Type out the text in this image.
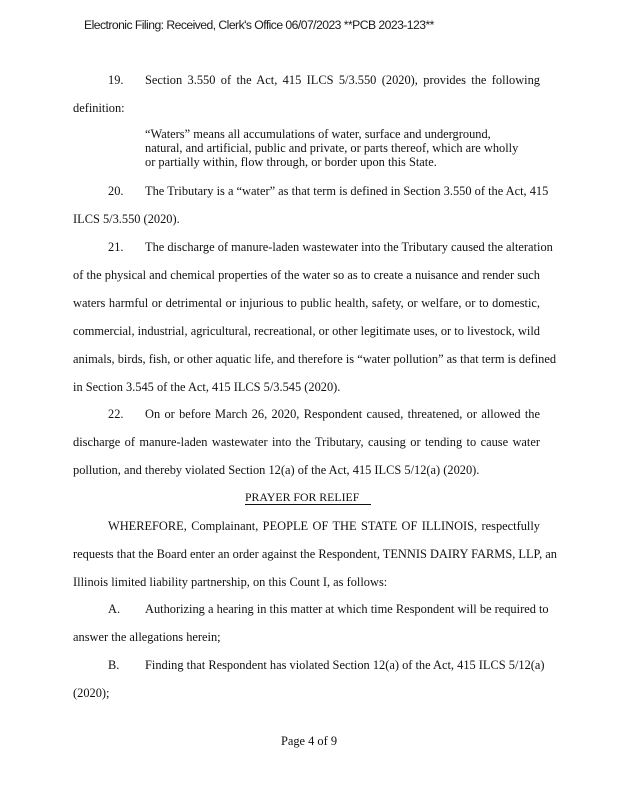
Electronic Filing: Received, Clerk's Office 06/07/2023 **PCB 2023-123**
19. Section 3.550 of the Act, 415 ILCS 5/3.550 (2020), provides the following
definition:
“Waters” means all accumulations of water, surface and underground,
natural, and artificial, public and private, or parts thereof, which are wholly
or partially within, flow through, or border upon this State.
20. The Tributary is a “water” as that term is defined in Section 3.550 of the Act, 415
ILCS 5/3.550 (2020).
21. The discharge of manure-laden wastewater into the Tributary caused the alteration
of the physical and chemical properties of the water so as to create a nuisance and render such
waters harmful or detrimental or injurious to public health, safety, or welfare, or to domestic,
commercial, industrial, agricultural, recreational, or other legitimate uses, or to livestock, wild
animals, birds, fish, or other aquatic life, and therefore is “water pollution” as that term is defined
in Section 3.545 of the Act, 415 ILCS 5/3.545 (2020).
22. On or before March 26, 2020, Respondent caused, threatened, or allowed the
discharge of manure-laden wastewater into the Tributary, causing or tending to cause water
pollution, and thereby violated Section 12(a) of the Act, 415 ILCS 5/12(a) (2020).
PRAYER FOR RELIEF
WHEREFORE, Complainant, PEOPLE OF THE STATE OF ILLINOIS, respectfully
requests that the Board enter an order against the Respondent, TENNIS DAIRY FARMS, LLP, an
Illinois limited liability partnership, on this Count I, as follows:
A. Authorizing a hearing in this matter at which time Respondent will be required to
answer the allegations herein;
B. Finding that Respondent has violated Section 12(a) of the Act, 415 ILCS 5/12(a)
(2020);
Page 4 of 9
